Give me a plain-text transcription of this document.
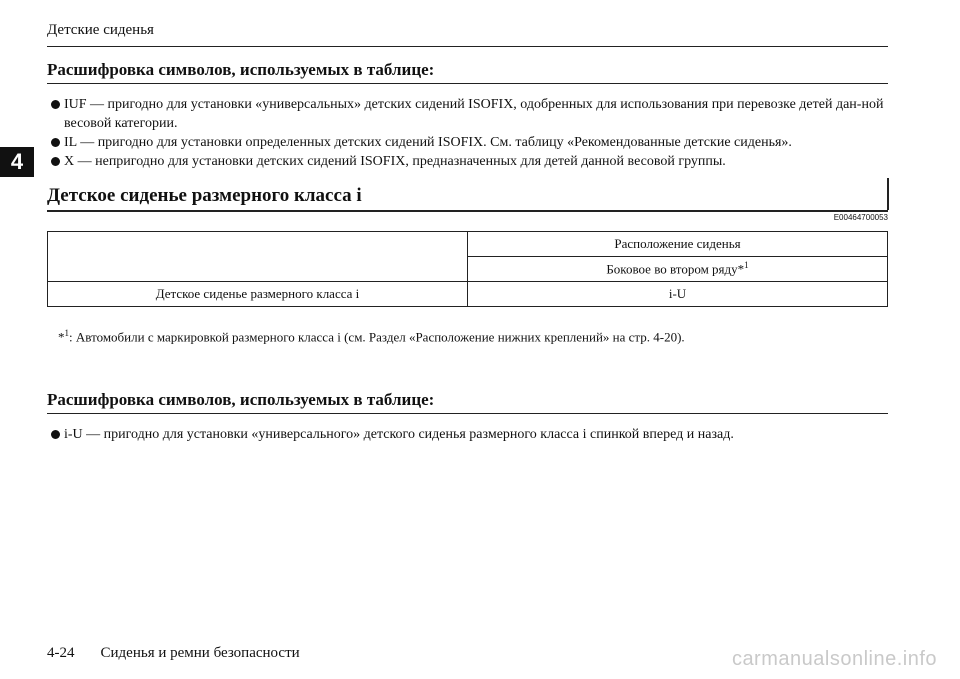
Детские сиденья
4
Расшифровка символов, используемых в таблице:
IUF — пригодно для установки «универсальных» детских сидений ISOFIX, одобренных для использования при перевозке детей дан-ной весовой категории.
IL — пригодно для установки определенных детских сидений ISOFIX. См. таблицу «Рекомендованные детские сиденья».
X — непригодно для установки детских сидений ISOFIX, предназначенных для детей данной весовой группы.
Детское сиденье размерного класса i
E00464700053
	Расположение сиденья
	Боковое во втором ряду*$^1$
Детское сиденье размерного класса i	i-U
*$^1$: Автомобили с маркировкой размерного класса i (см. Раздел «Расположение нижних креплений» на стр. 4-20).
Расшифровка символов, используемых в таблице:
i-U — пригодно для установки «универсального» детского сиденья размерного класса i спинкой вперед и назад.
4-24 Сиденья и ремни безопасности	carmanualsonline.info
